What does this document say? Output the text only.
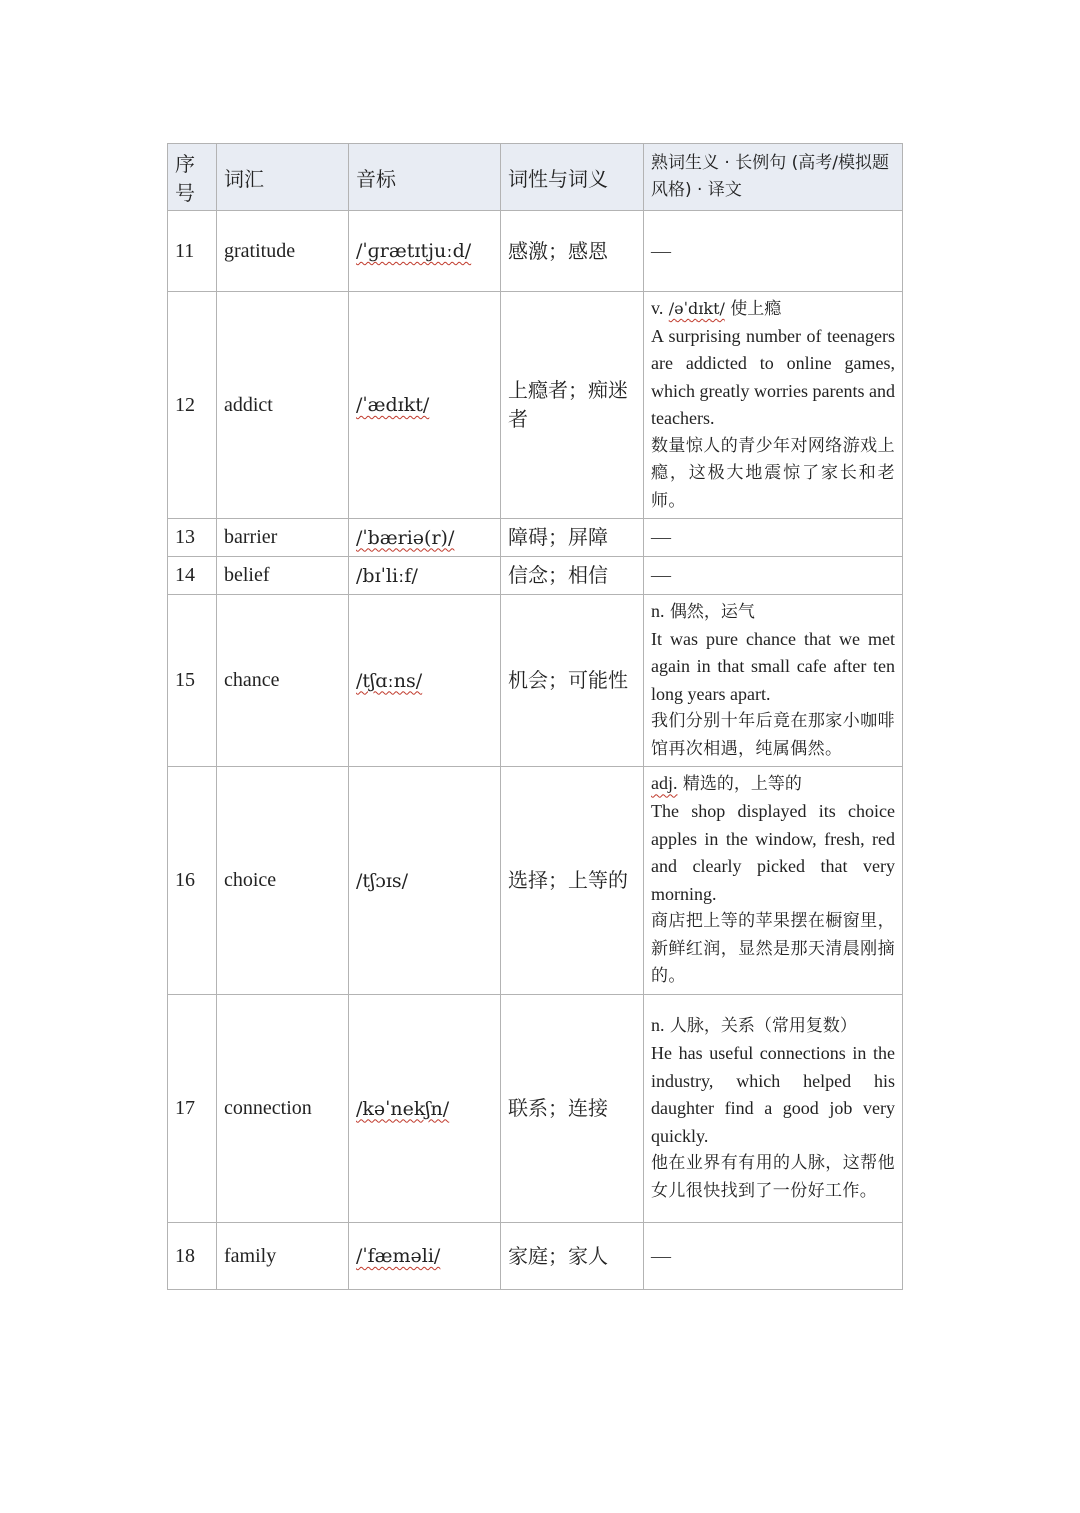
序号	词汇	音标	词性与词义	熟词生义 · 长例句 (高考/模拟题风格) · 译文
11	gratitude	/ˈɡrætɪtjuːd/	感激；感恩	—
12	addict	/ˈædɪkt/	上瘾者；痴迷者	v. /əˈdɪkt/ 使上瘾
A surprising number of teenagers are addicted to online games, which greatly worries parents and teachers.
数量惊人的青少年对网络游戏上瘾，这极大地震惊了家长和老师。

13	barrier	/ˈbæriə(r)/	障碍；屏障	—
14	belief	/bɪˈliːf/	信念；相信	—
15	chance	/tʃɑːns/	机会；可能性	n. 偶然，运气
It was pure chance that we met again in that small cafe after ten long years apart.
我们分别十年后竟在那家小咖啡馆再次相遇，纯属偶然。

16	choice	/tʃɔɪs/	选择；上等的	adj. 精选的，上等的
The shop displayed its choice apples in the window, fresh, red and clearly picked that very morning.
商店把上等的苹果摆在橱窗里，新鲜红润，显然是那天清晨刚摘的。

17	connection	/kəˈnekʃn/	联系；连接	n. 人脉，关系（常用复数）
He has useful connections in the industry, which helped his daughter find a good job very quickly.
他在业界有有用的人脉，这帮他女儿很快找到了一份好工作。

18	family	/ˈfæməli/	家庭；家人	—
